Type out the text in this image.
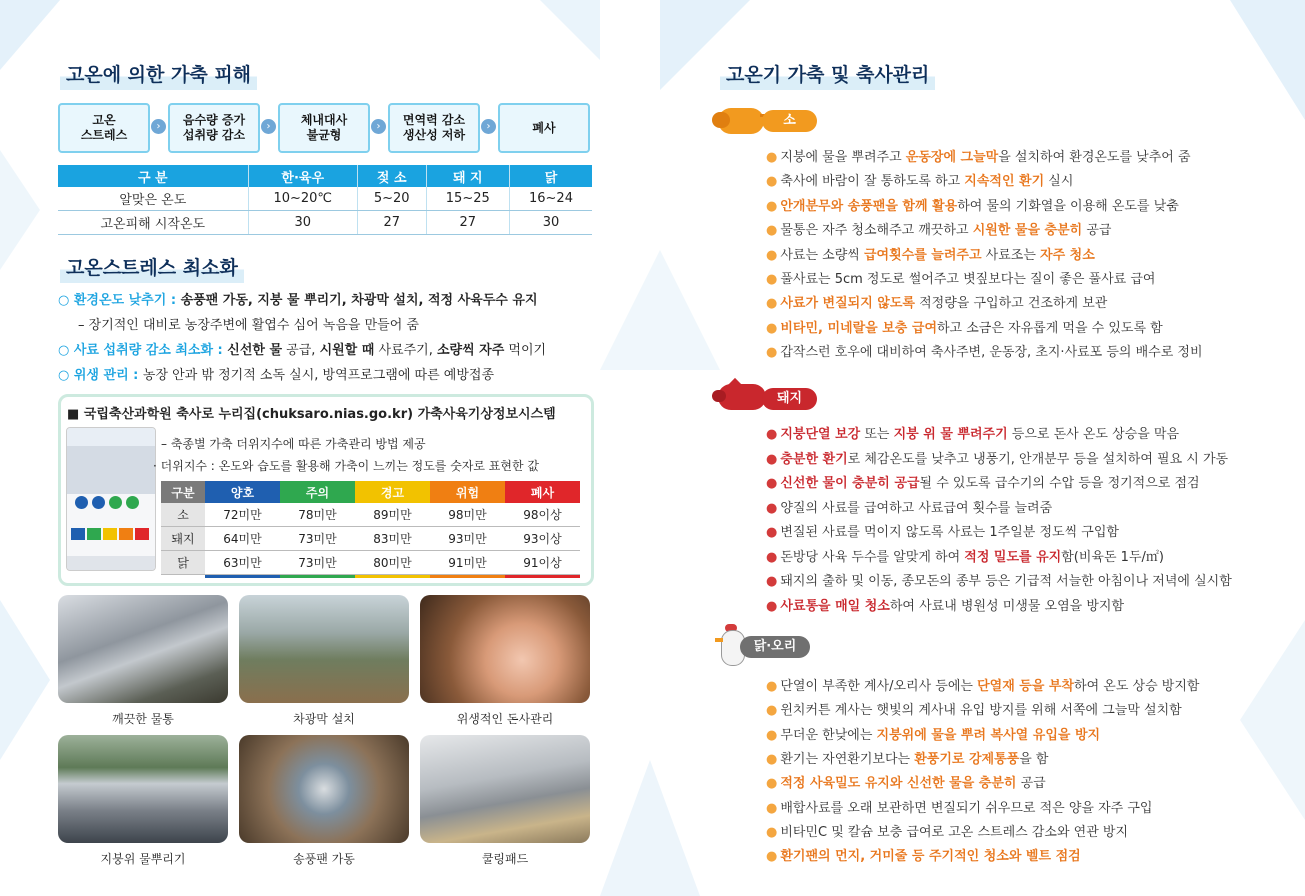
고온에 의한 가축 피해
고온
스트레스
›	음수량 증가
섭취량 감소
›	체내대사
불균형
›	면역력 감소
생산성 저하
›	폐사
구 분	한·육우	젖 소	돼 지	닭
알맞은 온도	10~20℃	5~20	15~25	16~24
고온피해 시작온도	30	27	27	30
고온스트레스 최소화
○ 환경온도 낮추기 : 송풍팬 가동, 지붕 물 뿌리기, 차광막 설치, 적정 사육두수 유지
– 장기적인 대비로 농장주변에 활엽수 심어 녹음을 만들어 줌
○ 사료 섭취량 감소 최소화 : 신선한 물 공급, 시원할 때 사료주기, 소량씩 자주 먹이기
○ 위생 관리 : 농장 안과 밖 정기적 소독 실시, 방역프로그램에 따른 예방접종
■ 국립축산과학원 축사로 누리집(chuksaro.nias.go.kr) 가축사육기상정보시스템
– 축종별 가축 더위지수에 따른 가축관리 방법 제공
· 더위지수 : 온도와 습도를 활용해 가축이 느끼는 정도를 숫자로 표현한 값
구분	양호	주의	경고	위험	폐사
소	72미만	78미만	89미만	98미만	98이상
돼지	64미만	73미만	83미만	93미만	93이상
닭	63미만	73미만	80미만	91미만	91이상

깨끗한 물통	차광막 설치	위생적인 돈사관리
지붕위 물뿌리기	송풍팬 가동	쿨링패드
고온기 가축 및 축사관리
소
돼지
닭·오리
● 지붕에 물을 뿌려주고 운동장에 그늘막을 설치하여 환경온도를 낮추어 줌
● 축사에 바람이 잘 통하도록 하고 지속적인 환기 실시
● 안개분무와 송풍팬을 함께 활용하여 물의 기화열을 이용해 온도를 낮춤
● 물통은 자주 청소해주고 깨끗하고 시원한 물을 충분히 공급
● 사료는 소량씩 급여횟수를 늘려주고 사료조는 자주 청소
● 풀사료는 5cm 정도로 썰어주고 볏짚보다는 질이 좋은 풀사료 급여
● 사료가 변질되지 않도록 적정량을 구입하고 건조하게 보관
● 비타민, 미네랄을 보충 급여하고 소금은 자유롭게 먹을 수 있도록 함
● 갑작스런 호우에 대비하여 축사주변, 운동장, 초지·사료포 등의 배수로 정비
● 지붕단열 보강 또는 지붕 위 물 뿌려주기 등으로 돈사 온도 상승을 막음
● 충분한 환기로 체감온도를 낮추고 냉풍기, 안개분무 등을 설치하여 필요 시 가동
● 신선한 물이 충분히 공급될 수 있도록 급수기의 수압 등을 정기적으로 점검
● 양질의 사료를 급여하고 사료급여 횟수를 늘려줌
● 변질된 사료를 먹이지 않도록 사료는 1주일분 정도씩 구입함
● 돈방당 사육 두수를 알맞게 하여 적정 밀도를 유지함(비육돈 1두/㎡)
● 돼지의 출하 및 이동, 종모돈의 종부 등은 기급적 서늘한 아침이나 저녁에 실시함
● 사료통을 매일 청소하여 사료내 병원성 미생물 오염을 방지함
● 단열이 부족한 계사/오리사 등에는 단열재 등을 부착하여 온도 상승 방지함
● 윈치커튼 계사는 햇빛의 계사내 유입 방지를 위해 서쪽에 그늘막 설치함
● 무더운 한낮에는 지붕위에 물을 뿌려 복사열 유입을 방지
● 환기는 자연환기보다는 환풍기로 강제통풍을 함
● 적정 사육밀도 유지와 신선한 물을 충분히 공급
● 배합사료를 오래 보관하면 변질되기 쉬우므로 적은 양을 자주 구입
● 비타민C 및 칼슘 보충 급여로 고온 스트레스 감소와 연관 방지
● 환기팬의 먼지, 거미줄 등 주기적인 청소와 벨트 점검
